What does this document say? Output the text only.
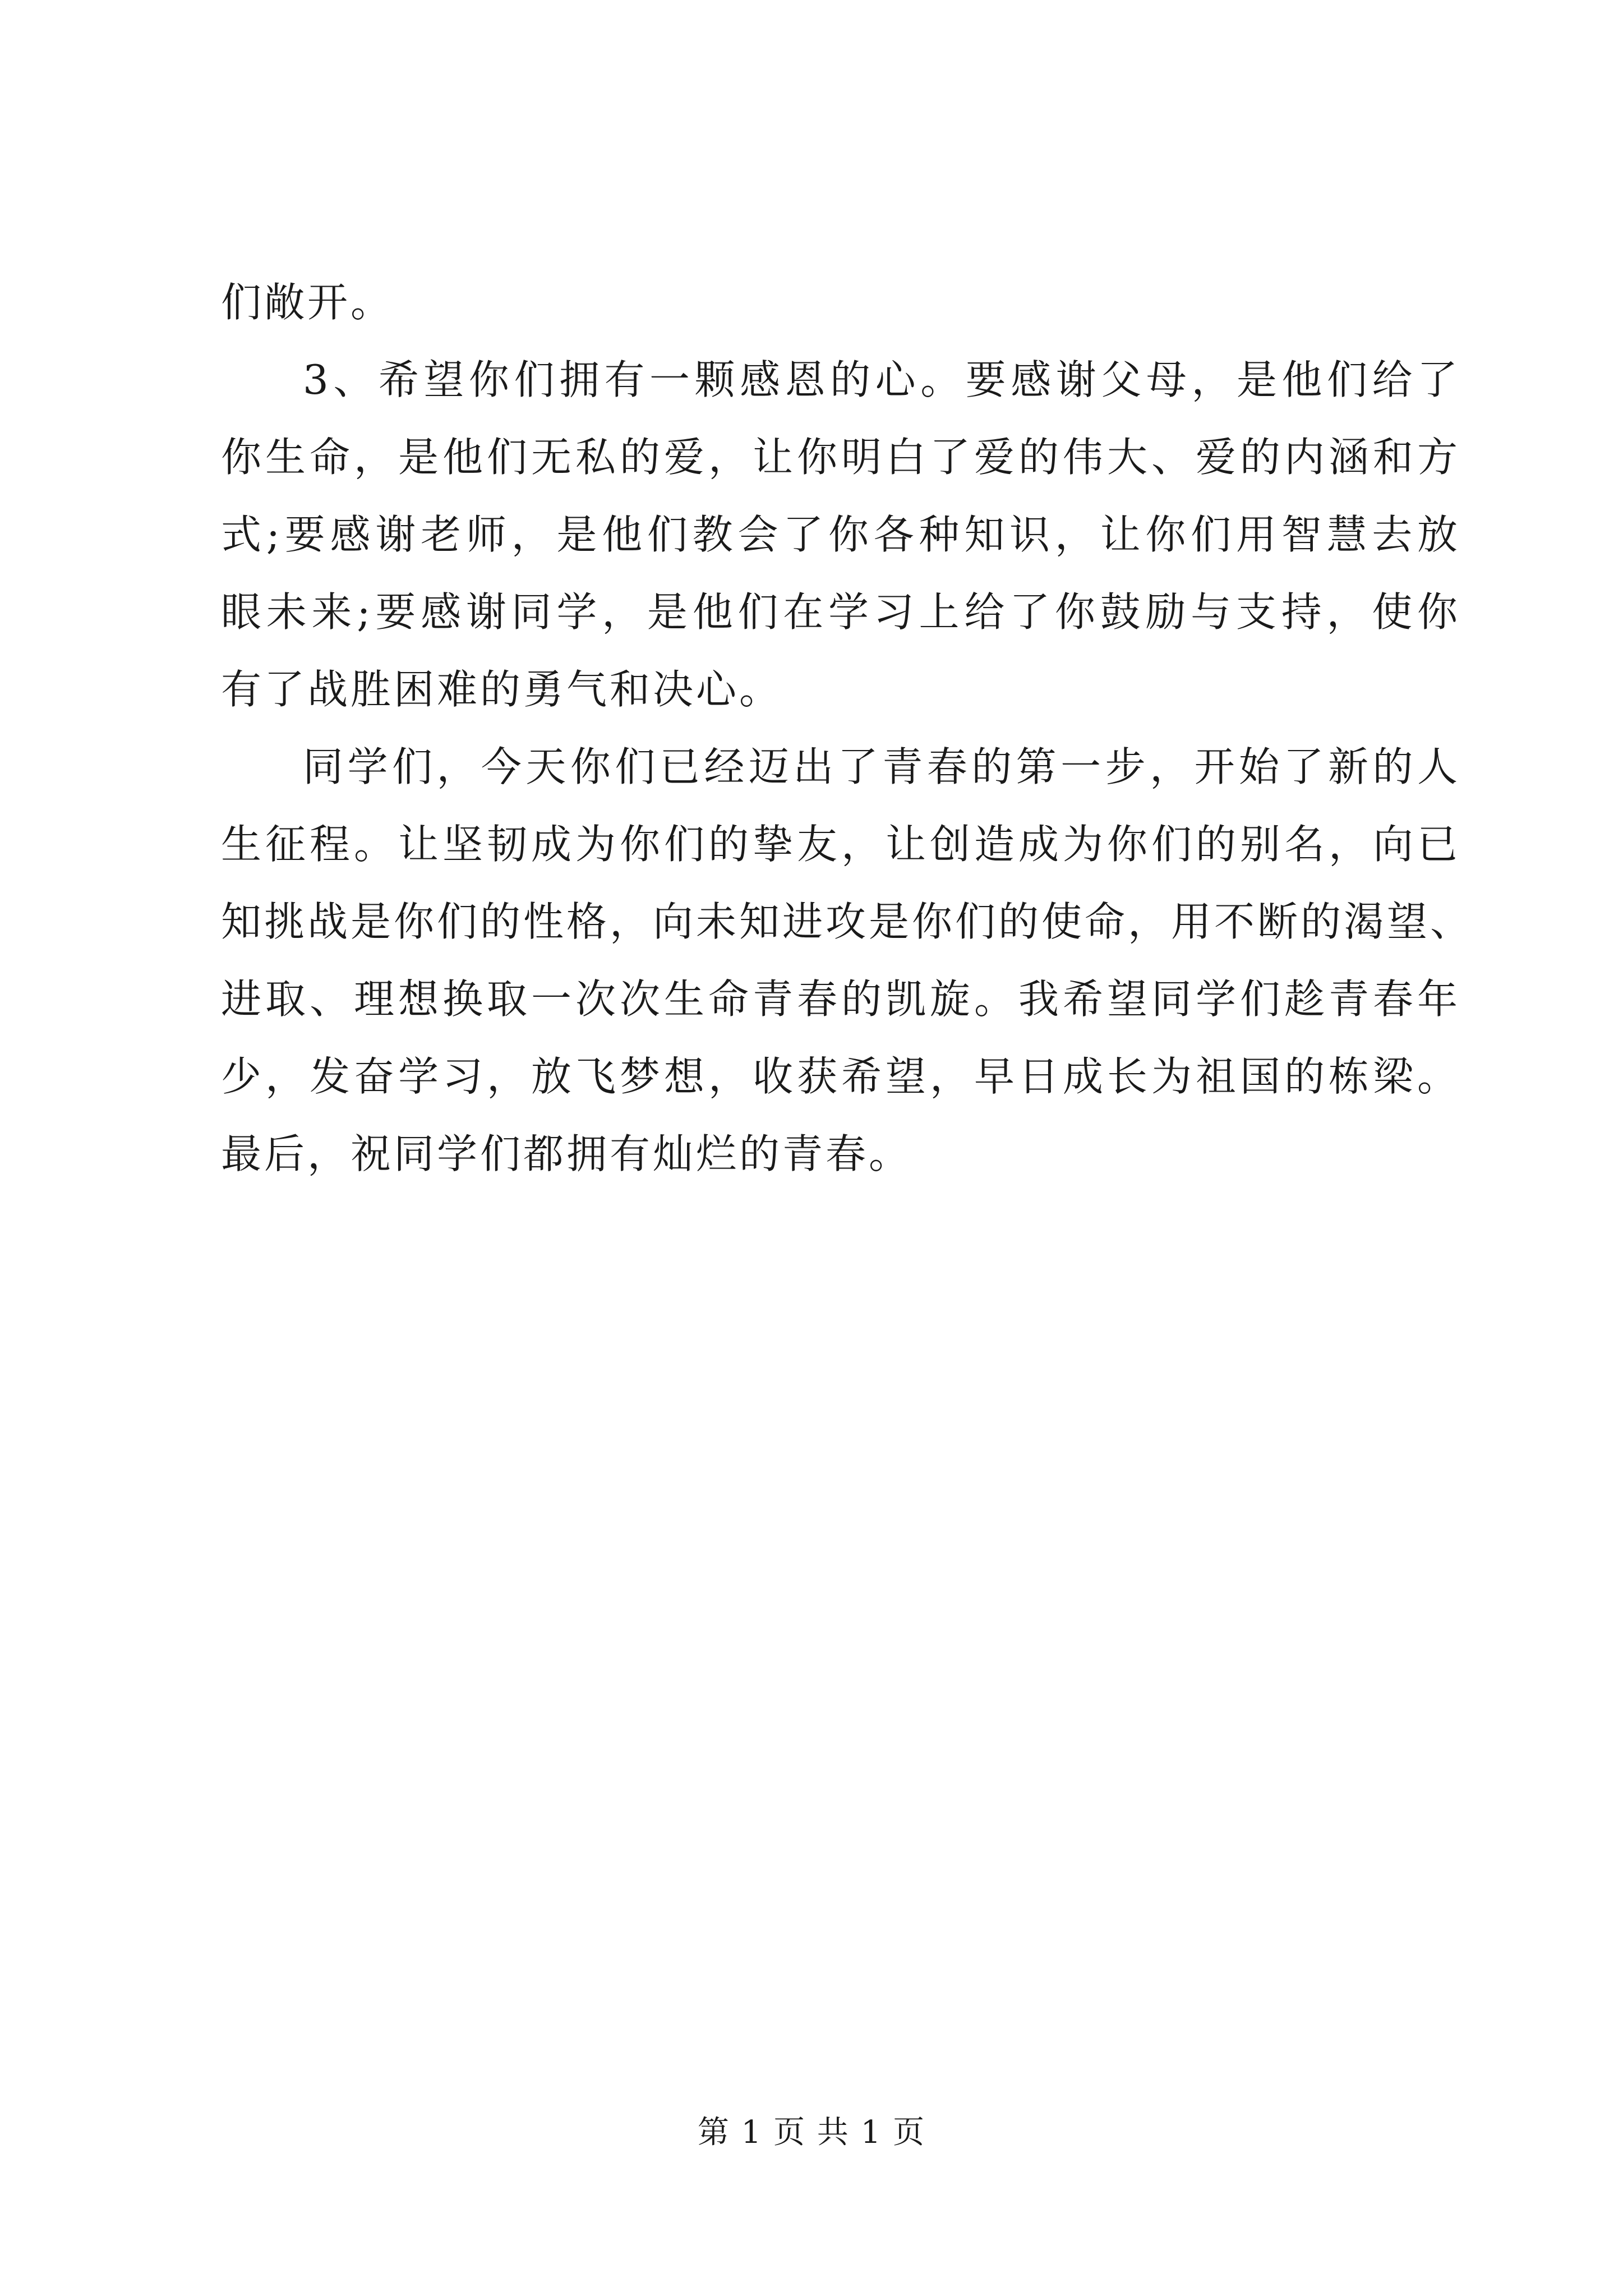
们敞开。
3、希望你们拥有一颗感恩的心。要感谢父母，是他们给了
你生命，是他们无私的爱，让你明白了爱的伟大、爱的内涵和方
式;要感谢老师，是他们教会了你各种知识，让你们用智慧去放
眼未来;要感谢同学，是他们在学习上给了你鼓励与支持，使你
有了战胜困难的勇气和决心。
同学们，今天你们已经迈出了青春的第一步，开始了新的人
生征程。让坚韧成为你们的挚友，让创造成为你们的别名，向已
知挑战是你们的性格，向未知进攻是你们的使命，用不断的渴望、
进取、理想换取一次次生命青春的凯旋。我希望同学们趁青春年
少，发奋学习，放飞梦想，收获希望，早日成长为祖国的栋梁。
最后，祝同学们都拥有灿烂的青春。
第 1 页 共 1 页
